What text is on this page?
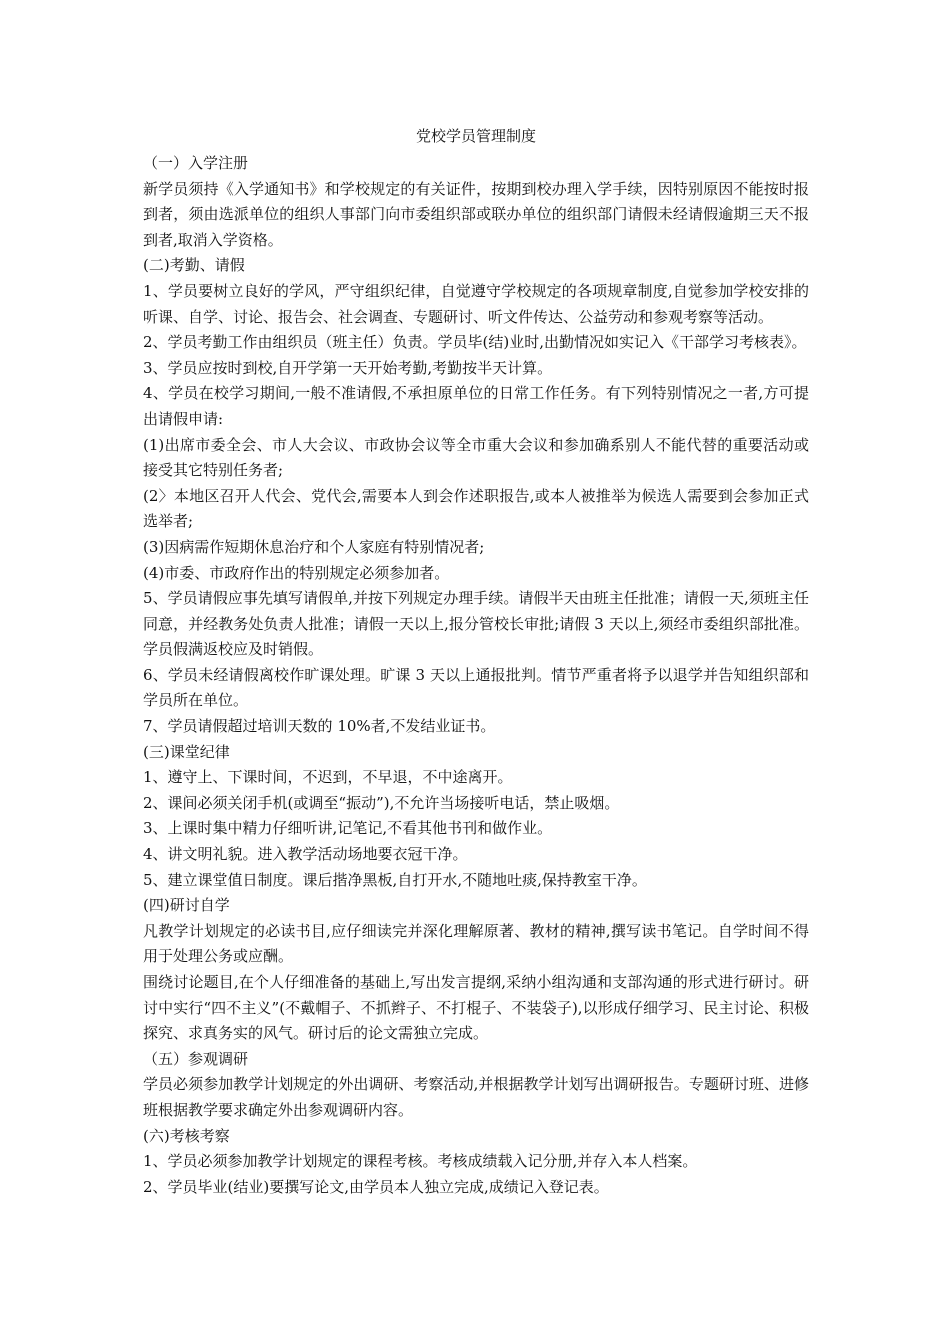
党校学员管理制度

（一）入学注册

新学员须持《入学通知书》和学校规定的有关证件，按期到校办理入学手续，因特别原因不能按时报到者，须由选派单位的组织人事部门向市委组织部或联办单位的组织部门请假未经请假逾期三天不报到者,取消入学资格。

(二)考勤、请假

1、学员要树立良好的学风，严守组织纪律，自觉遵守学校规定的各项规章制度,自觉参加学校安排的听课、自学、讨论、报告会、社会调查、专题研讨、听文件传达、公益劳动和参观考察等活动。

2、学员考勤工作由组织员（班主任）负责。学员毕(结)业时,出勤情况如实记入《干部学习考核表》。

3、学员应按时到校,自开学第一天开始考勤,考勤按半天计算。

4、学员在校学习期间,一般不准请假,不承担原单位的日常工作任务。有下列特别情况之一者,方可提出请假申请:

(1)出席市委全会、市人大会议、市政协会议等全市重大会议和参加确系别人不能代替的重要活动或接受其它特别任务者;

(2〉本地区召开人代会、党代会,需要本人到会作述职报告,或本人被推举为候选人需要到会参加正式选举者;

(3)因病需作短期休息治疗和个人家庭有特别情况者;

(4)市委、市政府作出的特别规定必须参加者。

5、学员请假应事先填写请假单,并按下列规定办理手续。请假半天由班主任批准；请假一天,须班主任同意，并经教务处负责人批准；请假一天以上,报分管校长审批;请假 3 天以上,须经市委组织部批准。学员假满返校应及时销假。

6、学员未经请假离校作旷课处理。旷课 3 天以上通报批判。情节严重者将予以退学并告知组织部和学员所在单位。

7、学员请假超过培训天数的 10%者,不发结业证书。

(三)课堂纪律

1、遵守上、下课时间，不迟到，不早退，不中途离开。

2、课间必须关闭手机(或调至“振动”),不允许当场接听电话，禁止吸烟。

3、上课时集中精力仔细听讲,记笔记,不看其他书刊和做作业。

4、讲文明礼貌。进入教学活动场地要衣冠干净。

5、建立课堂值日制度。课后揩净黑板,自打开水,不随地吐痰,保持教室干净。

(四)研讨自学

凡教学计划规定的必读书目,应仔细读完并深化理解原著、教材的精神,撰写读书笔记。自学时间不得用于处理公务或应酬。

围绕讨论题目,在个人仔细准备的基础上,写出发言提纲,采纳小组沟通和支部沟通的形式进行研讨。研讨中实行“四不主义”(不戴帽子、不抓辫子、不打棍子、不装袋子),以形成仔细学习、民主讨论、积极探究、求真务实的风气。研讨后的论文需独立完成。

（五）参观调研

学员必须参加教学计划规定的外出调研、考察活动,并根据教学计划写出调研报告。专题研讨班、进修班根据教学要求确定外出参观调研内容。

(六)考核考察

1、学员必须参加教学计划规定的课程考核。考核成绩载入记分册,并存入本人档案。

2、学员毕业(结业)要撰写论文,由学员本人独立完成,成绩记入登记表。
